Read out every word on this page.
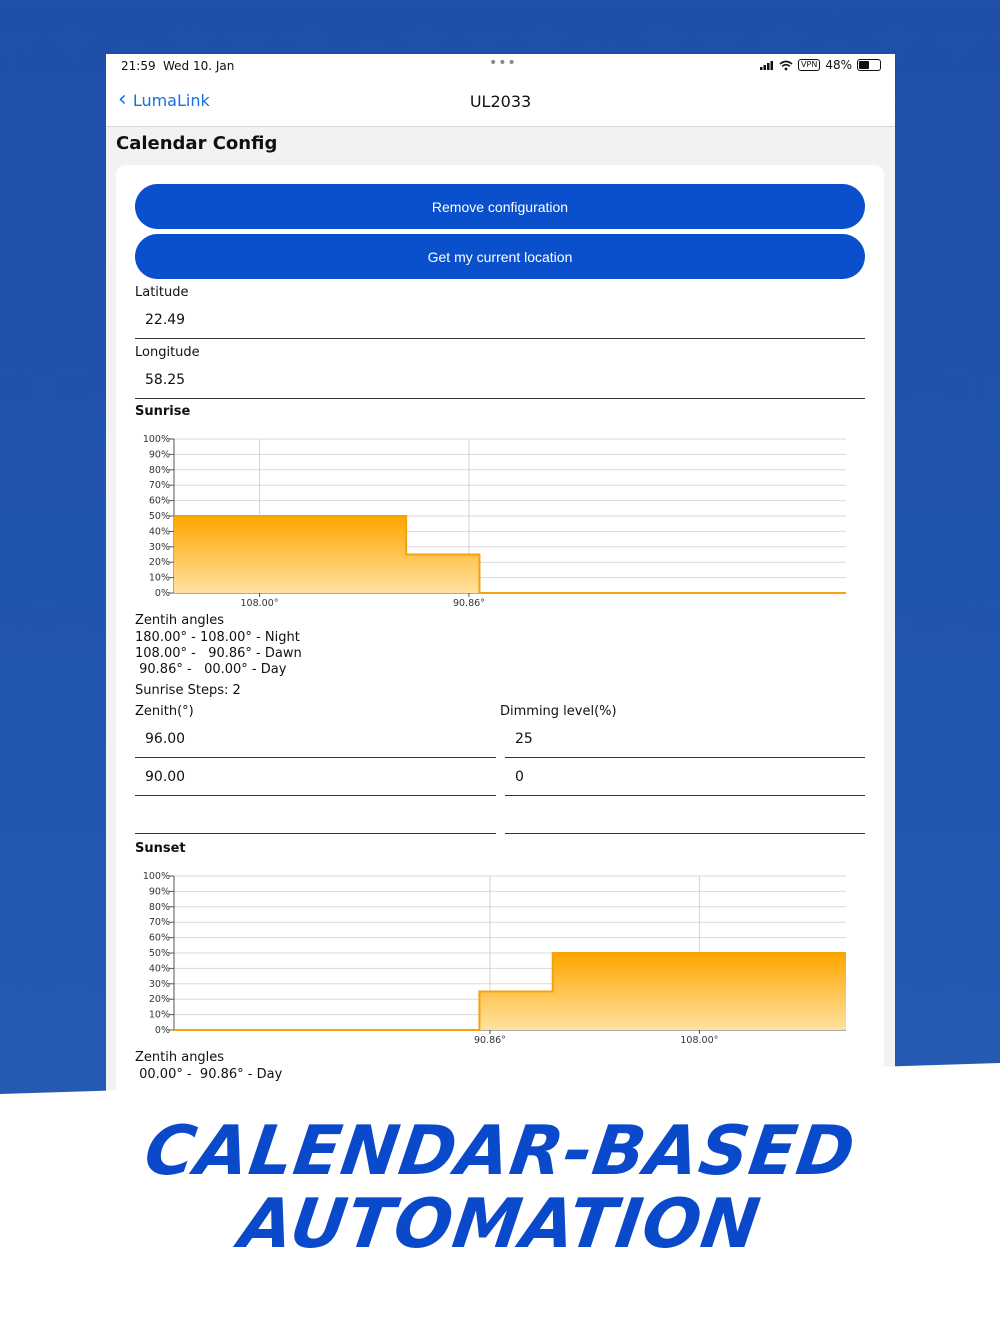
21:59 Wed 10. Jan	•••	VPN 48%
‹ LumaLink	UL2033
Calendar Config
Remove configuration
Get my current location
Latitude
22.49
Longitude
58.25
Sunrise
0%
10%
20%
30%
40%
50%
60%
70%
80%
90%
100%
108.00°	90.86°
Zentih angles
180.00° - 108.00° - Night
108.00° -   90.86° - Dawn
90.86° -   00.00° - Day
Sunrise Steps: 2
Zenith(°)	Dimming level(%)
96.00	25
90.00	0
Sunset
0%
10%
20%
30%
40%
50%
60%
70%
80%
90%
100%
90.86°	108.00°
Zentih angles
00.00° -  90.86° - Day
CALENDAR-BASED
AUTOMATION
